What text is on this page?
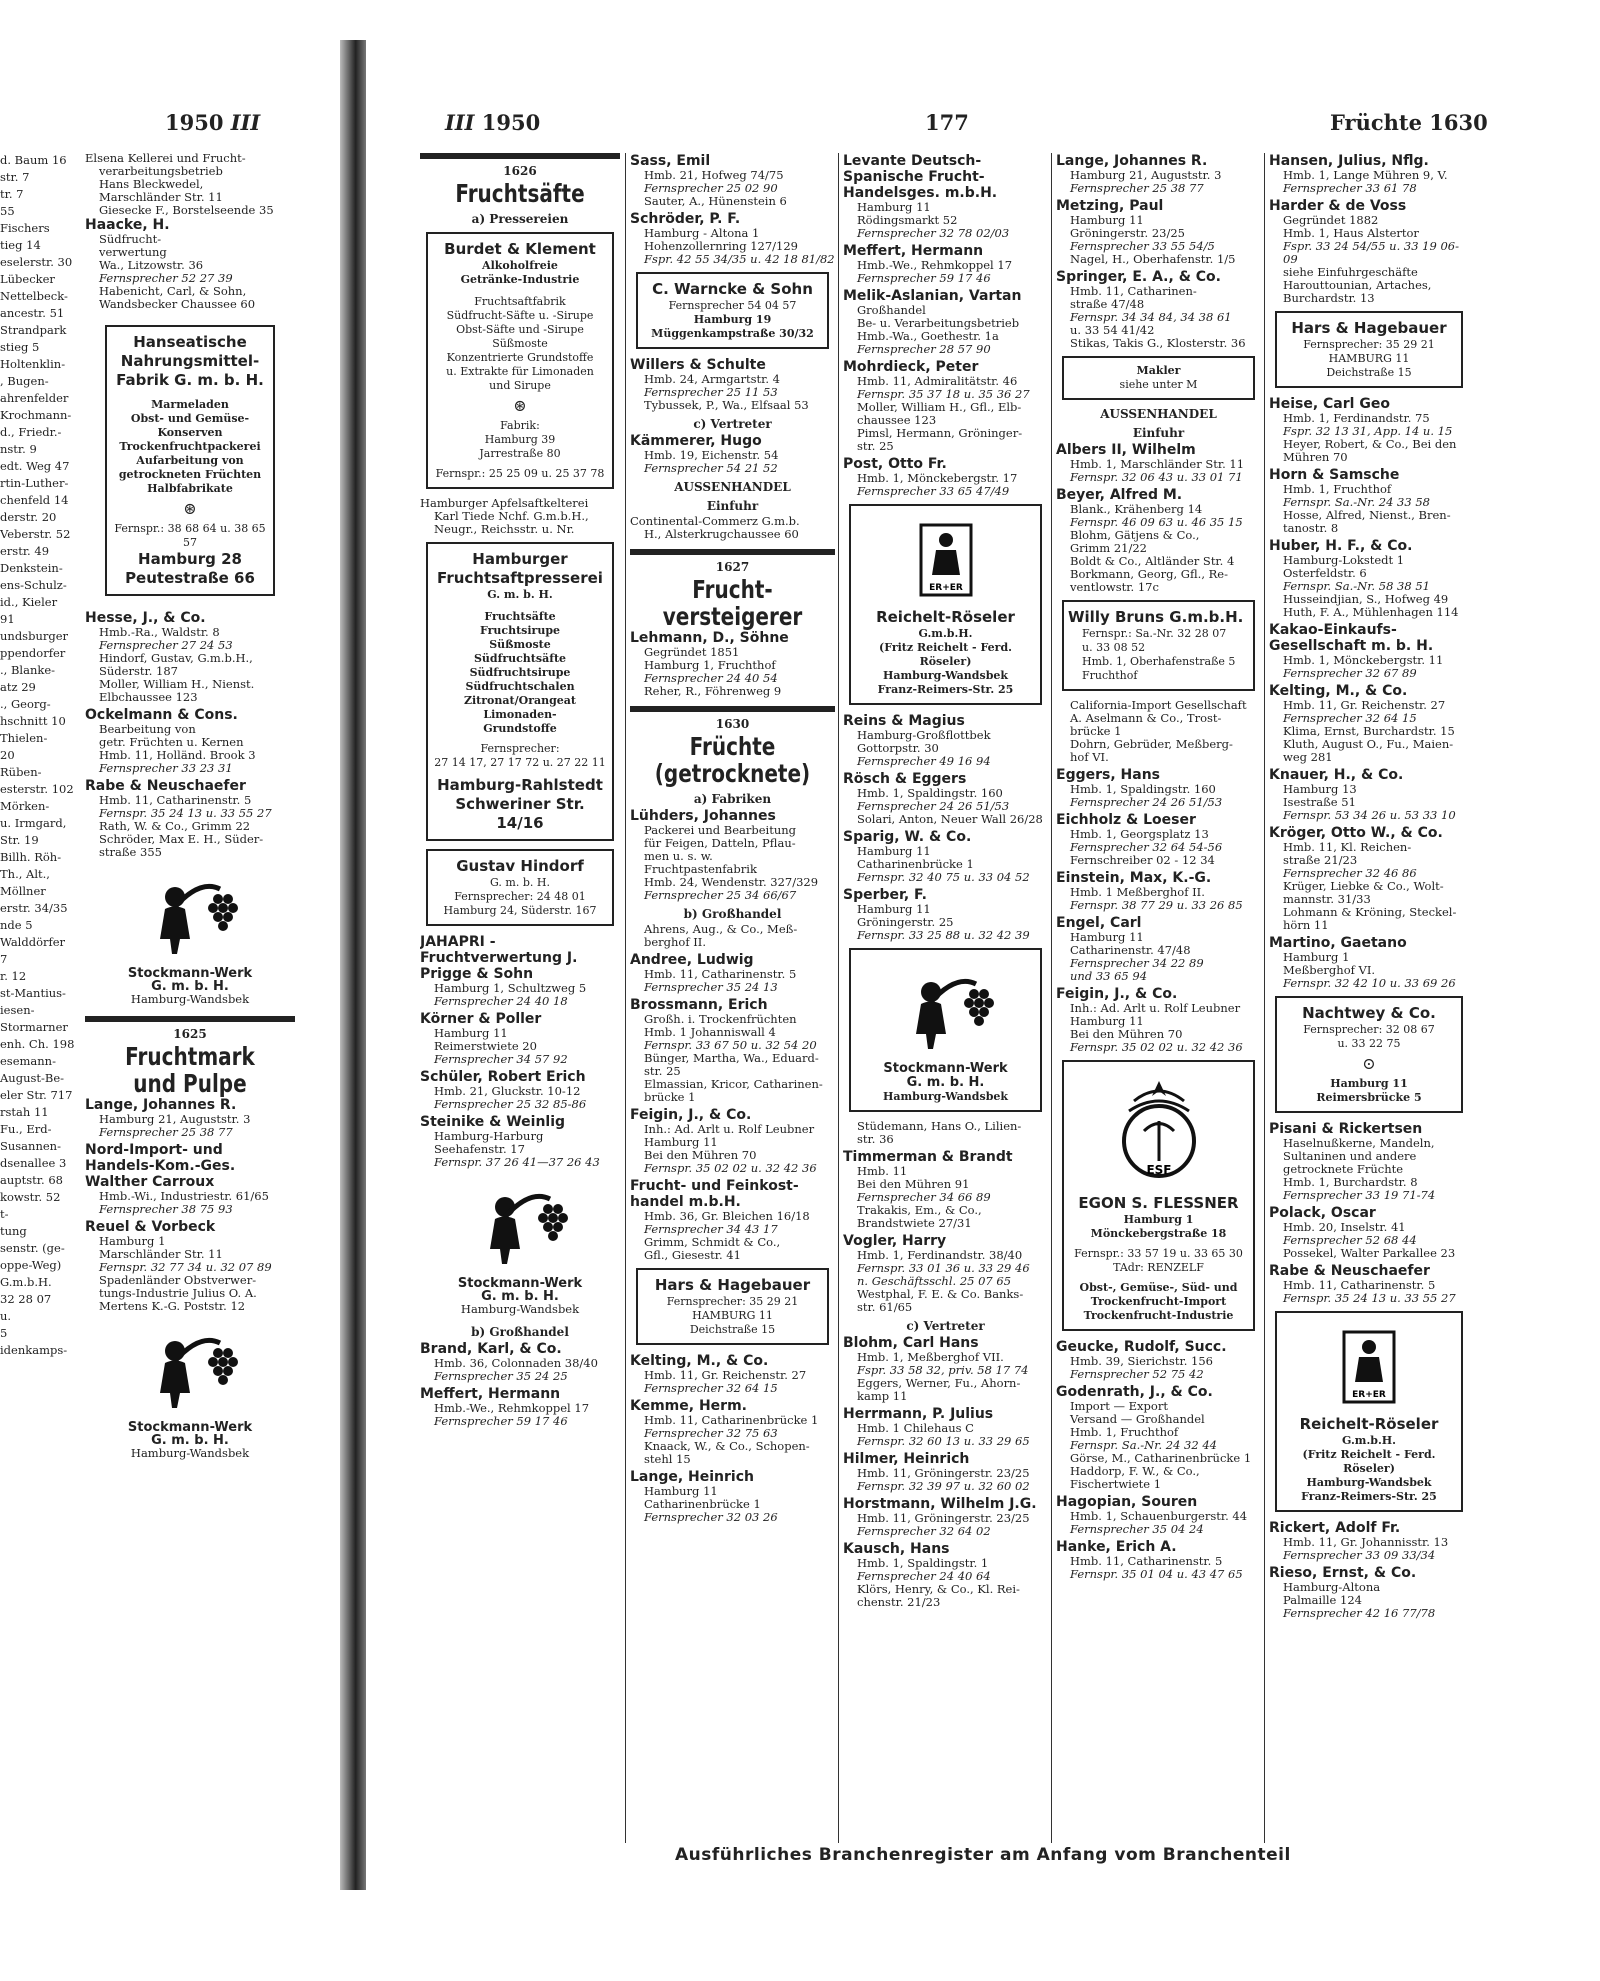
1950 III
d. Baum 16
str. 7
tr. 7
55
Fischers
tieg 14
eselerstr. 30
Lübecker
Nettelbeck-
ancestr. 51
Strandpark
stieg 5
Holtenklin-
, Bugen-
ahrenfelder
Krochmann-
d., Friedr.-
nstr. 9
edt. Weg 47
rtin-Luther-
chenfeld 14
derstr. 20
Veberstr. 52
erstr. 49
Denkstein-
ens-Schulz-
id., Kieler
91
undsburger
ppendorfer
., Blanke-
atz 29
., Georg-
hschnitt 10
Thielen-
20
Rüben-
esterstr. 102
Mörken-
u. Irmgard,
Str. 19
Billh. Röh-
Th., Alt.,
Möllner
erstr. 34/35
nde 5
Walddörfer
7
r. 12
st-Mantius-
iesen-
Stormarner
enh. Ch. 198
esemann-
August-Be-
eler Str. 717
rstah 11
Fu., Erd-
Susannen-
dsenallee 3
auptstr. 68
kowstr. 52
t-
tung
senstr. (ge-
oppe-Weg)
G.m.b.H.
32 28 07
u.
5
idenkamps-
Elsena Kellerei und Frucht-
verarbeitungsbetrieb
Hans Bleckwedel,
Marschländer Str. 11
Giesecke F., Borstelseende 35
Haacke, H.
Südfrucht-
verwertung
Wa., Litzowstr. 36
Fernsprecher 52 27 39
Habenicht, Carl, & Sohn,
Wandsbecker Chaussee 60
Hanseatische
Nahrungsmittel-
Fabrik G. m. b. H.
Marmeladen
Obst- und Gemüse-
Konserven
Trockenfruchtpackerei
Aufarbeitung von
getrockneten Früchten
Halbfabrikate
⊛
Fernspr.: 38 68 64 u. 38 65 57
Hamburg 28
Peutestraße 66
Hesse, J., & Co.
Hmb.-Ra., Waldstr. 8
Fernsprecher 27 24 53
Hindorf, Gustav, G.m.b.H.,
Süderstr. 187
Moller, William H., Nienst.
Elbchaussee 123
Ockelmann & Cons.
Bearbeitung von
getr. Früchten u. Kernen
Hmb. 11, Holländ. Brook 3
Fernsprecher 33 23 31
Rabe & Neuschaefer
Hmb. 11, Catharinenstr. 5
Fernspr. 35 24 13 u. 33 55 27
Rath, W. & Co., Grimm 22
Schröder, Max E. H., Süder-
straße 355
Stockmann-Werk
G. m. b. H.
Hamburg-Wandsbek
1625
Fruchtmark
und Pulpe
Lange, Johannes R.
Hamburg 21, Auguststr. 3
Fernsprecher 25 38 77
Nord-Import- und Handels-Kom.-Ges. Walther Carroux
Hmb.-Wi., Industriestr. 61/65
Fernsprecher 38 75 93
Reuel & Vorbeck
Hamburg 1
Marschländer Str. 11
Fernspr. 32 77 34 u. 32 07 89
Spadenländer Obstverwer-
tungs-Industrie Julius O. A.
Mertens K.-G. Poststr. 12
Stockmann-Werk
G. m. b. H.
Hamburg-Wandsbek
III 1950	177	Früchte 1630
1626
Fruchtsäfte
a) Pressereien
Burdet & Klement
Alkoholfreie
Getränke-Industrie
Fruchtsaftfabrik
Südfrucht-Säfte u. -Sirupe
Obst-Säfte und -Sirupe
Süßmoste
Konzentrierte Grundstoffe
u. Extrakte für Limonaden
und Sirupe
⊛
Fabrik:
Hamburg 39
Jarrestraße 80
Fernspr.: 25 25 09 u. 25 37 78
Hamburger Apfelsaftkelterei
Karl Tiede Nchf. G.m.b.H.,
Neugr., Reichsstr. u. Nr.
Hamburger
Fruchtsaftpresserei
G. m. b. H.
Fruchtsäfte
Fruchtsirupe
Süßmoste
Südfruchtsäfte
Südfruchtsirupe
Südfruchtschalen
Zitronat/Orangeat
Limonaden-
Grundstoffe
Fernsprecher:
27 14 17, 27 17 72 u. 27 22 11
Hamburg-Rahlstedt
Schweriner Str. 14/16
Gustav Hindorf
G. m. b. H.
Fernsprecher: 24 48 01
Hamburg 24, Süderstr. 167
JAHAPRI - Fruchtverwertung J. Prigge & Sohn
Hamburg 1, Schultzweg 5
Fernsprecher 24 40 18
Körner & Poller
Hamburg 11
Reimerstwiete 20
Fernsprecher 34 57 92
Schüler, Robert Erich
Hmb. 21, Gluckstr. 10-12
Fernsprecher 25 32 85-86
Steinike & Weinlig
Hamburg-Harburg
Seehafenstr. 17
Fernspr. 37 26 41—37 26 43
Stockmann-Werk
G. m. b. H.
Hamburg-Wandsbek
b) Großhandel
Brand, Karl, & Co.
Hmb. 36, Colonnaden 38/40
Fernsprecher 35 24 25
Meffert, Hermann
Hmb.-We., Rehmkoppel 17
Fernsprecher 59 17 46
Sass, Emil
Hmb. 21, Hofweg 74/75
Fernsprecher 25 02 90
Sauter, A., Hünenstein 6
Schröder, P. F.
Hamburg - Altona 1
Hohenzollernring 127/129
Fspr. 42 55 34/35 u. 42 18 81/82
C. Warncke & Sohn
Fernsprecher 54 04 57
Hamburg 19
Müggenkampstraße 30/32
Willers & Schulte
Hmb. 24, Armgartstr. 4
Fernsprecher 25 11 53
Tybussek, P., Wa., Elfsaal 53
c) Vertreter
Kämmerer, Hugo
Hmb. 19, Eichenstr. 54
Fernsprecher 54 21 52
AUSSENHANDEL
Einfuhr
Continental-Commerz G.m.b.
H., Alsterkrugchaussee 60
1627
Frucht-
versteigerer
Lehmann, D., Söhne
Gegründet 1851
Hamburg 1, Fruchthof
Fernsprecher 24 40 54
Reher, R., Föhrenweg 9
1630
Früchte
(getrocknete)
a) Fabriken
Lühders, Johannes
Packerei und Bearbeitung
für Feigen, Datteln, Pflau-
men u. s. w.
Fruchtpastenfabrik
Hmb. 24, Wendenstr. 327/329
Fernsprecher 25 34 66/67
b) Großhandel
Ahrens, Aug., & Co., Meß-
berghof II.
Andree, Ludwig
Hmb. 11, Catharinenstr. 5
Fernsprecher 35 24 13
Brossmann, Erich
Großh. i. Trockenfrüchten
Hmb. 1 Johanniswall 4
Fernspr. 33 67 50 u. 32 54 20
Bünger, Martha, Wa., Eduard-
str. 25
Elmassian, Kricor, Catharinen-
brücke 1
Feigin, J., & Co.
Inh.: Ad. Arlt u. Rolf Leubner
Hamburg 11
Bei den Mühren 70
Fernspr. 35 02 02 u. 32 42 36
Frucht- und Feinkost-handel m.b.H.
Hmb. 36, Gr. Bleichen 16/18
Fernsprecher 34 43 17
Grimm, Schmidt & Co.,
Gfl., Giesestr. 41
Hars & Hagebauer
Fernsprecher: 35 29 21
HAMBURG 11
Deichstraße 15
Kelting, M., & Co.
Hmb. 11, Gr. Reichenstr. 27
Fernsprecher 32 64 15
Kemme, Herm.
Hmb. 11, Catharinenbrücke 1
Fernsprecher 32 75 63
Knaack, W., & Co., Schopen-
stehl 15
Lange, Heinrich
Hamburg 11
Catharinenbrücke 1
Fernsprecher 32 03 26
Levante Deutsch-Spanische Frucht-Handelsges. m.b.H.
Hamburg 11
Rödingsmarkt 52
Fernsprecher 32 78 02/03
Meffert, Hermann
Hmb.-We., Rehmkoppel 17
Fernsprecher 59 17 46
Melik-Aslanian, Vartan
Großhandel
Be- u. Verarbeitungsbetrieb
Hmb.-Wa., Goethestr. 1a
Fernsprecher 28 57 90
Mohrdieck, Peter
Hmb. 11, Admiralitätstr. 46
Fernspr. 35 37 18 u. 35 36 27
Moller, William H., Gfl., Elb-
chaussee 123
Pimsl, Hermann, Gröninger-
str. 25
Post, Otto Fr.
Hmb. 1, Mönckebergstr. 17
Fernsprecher 33 65 47/49
ER+ER
Reichelt-Röseler
G.m.b.H.
(Fritz Reichelt - Ferd. Röseler)
Hamburg-Wandsbek
Franz-Reimers-Str. 25
Reins & Magius
Hamburg-Großflottbek
Gottorpstr. 30
Fernsprecher 49 16 94
Rösch & Eggers
Hmb. 1, Spaldingstr. 160
Fernsprecher 24 26 51/53
Solari, Anton, Neuer Wall 26/28
Sparig, W. & Co.
Hamburg 11
Catharinenbrücke 1
Fernspr. 32 40 75 u. 33 04 52
Sperber, F.
Hamburg 11
Gröningerstr. 25
Fernspr. 33 25 88 u. 32 42 39
Stockmann-Werk
G. m. b. H.
Hamburg-Wandsbek
Stüdemann, Hans O., Lilien-
str. 36
Timmerman & Brandt
Hmb. 11
Bei den Mühren 91
Fernsprecher 34 66 89
Trakakis, Em., & Co.,
Brandstwiete 27/31
Vogler, Harry
Hmb. 1, Ferdinandstr. 38/40
Fernspr. 33 01 36 u. 33 29 46
n. Geschäftsschl. 25 07 65
Westphal, F. E. & Co. Banks-
str. 61/65
c) Vertreter
Blohm, Carl Hans
Hmb. 1, Meßberghof VII.
Fspr. 33 58 32, priv. 58 17 74
Eggers, Werner, Fu., Ahorn-
kamp 11
Herrmann, P. Julius
Hmb. 1 Chilehaus C
Fernspr. 32 60 13 u. 33 29 65
Hilmer, Heinrich
Hmb. 11, Gröningerstr. 23/25
Fernspr. 32 39 97 u. 32 60 02
Horstmann, Wilhelm J.G.
Hmb. 11, Gröningerstr. 23/25
Fernsprecher 32 64 02
Kausch, Hans
Hmb. 1, Spaldingstr. 1
Fernsprecher 24 40 64
Klörs, Henry, & Co., Kl. Rei-
chenstr. 21/23
Lange, Johannes R.
Hamburg 21, Auguststr. 3
Fernsprecher 25 38 77
Metzing, Paul
Hamburg 11
Gröningerstr. 23/25
Fernsprecher 33 55 54/5
Nagel, H., Oberhafenstr. 1/5
Springer, E. A., & Co.
Hmb. 11, Catharinen-
straße 47/48
Fernspr. 34 34 84, 34 38 61
u. 33 54 41/42
Stikas, Takis G., Klosterstr. 36
Makler
siehe unter M
AUSSENHANDEL
Einfuhr
Albers II, Wilhelm
Hmb. 1, Marschländer Str. 11
Fernspr. 32 06 43 u. 33 01 71
Beyer, Alfred M.
Blank., Krähenberg 14
Fernspr. 46 09 63 u. 46 35 15
Blohm, Gätjens & Co.,
Grimm 21/22
Boldt & Co., Altländer Str. 4
Borkmann, Georg, Gfl., Re-
ventlowstr. 17c
Willy Bruns G.m.b.H.
Fernspr.: Sa.-Nr. 32 28 07
u. 33 08 52
Hmb. 1, Oberhafenstraße 5
Fruchthof
California-Import Gesellschaft
A. Aselmann & Co., Trost-
brücke 1
Dohrn, Gebrüder, Meßberg-
hof VI.
Eggers, Hans
Hmb. 1, Spaldingstr. 160
Fernsprecher 24 26 51/53
Eichholz & Loeser
Hmb. 1, Georgsplatz 13
Fernsprecher 32 64 54-56
Fernschreiber 02 - 12 34
Einstein, Max, K.-G.
Hmb. 1 Meßberghof II.
Fernspr. 38 77 29 u. 33 26 85
Engel, Carl
Hamburg 11
Catharinenstr. 47/48
Fernsprecher 34 22 89
und 33 65 94
Feigin, J., & Co.
Inh.: Ad. Arlt u. Rolf Leubner
Hamburg 11
Bei den Mühren 70
Fernspr. 35 02 02 u. 32 42 36
ESF
EGON S. FLESSNER
Hamburg 1
Mönckebergstraße 18
Fernspr.: 33 57 19 u. 33 65 30
TAdr: RENZELF
Obst-, Gemüse-, Süd- und
Trockenfrucht-Import
Trockenfrucht-Industrie
Geucke, Rudolf, Succ.
Hmb. 39, Sierichstr. 156
Fernsprecher 52 75 42
Godenrath, J., & Co.
Import — Export
Versand — Großhandel
Hmb. 1, Fruchthof
Fernspr. Sa.-Nr. 24 32 44
Görse, M., Catharinenbrücke 1
Haddorp, F. W., & Co.,
Fischertwiete 1
Hagopian, Souren
Hmb. 1, Schauenburgerstr. 44
Fernsprecher 35 04 24
Hanke, Erich A.
Hmb. 11, Catharinenstr. 5
Fernspr. 35 01 04 u. 43 47 65
Hansen, Julius, Nflg.
Hmb. 1, Lange Mühren 9, V.
Fernsprecher 33 61 78
Harder & de Voss
Gegründet 1882
Hmb. 1, Haus Alstertor
Fspr. 33 24 54/55 u. 33 19 06-09
siehe Einfuhrgeschäfte
Harouttounian, Artaches,
Burchardstr. 13
Hars & Hagebauer
Fernsprecher: 35 29 21
HAMBURG 11
Deichstraße 15
Heise, Carl Geo
Hmb. 1, Ferdinandstr. 75
Fspr. 32 13 31, App. 14 u. 15
Heyer, Robert, & Co., Bei den
Mühren 70
Horn & Samsche
Hmb. 1, Fruchthof
Fernspr. Sa.-Nr. 24 33 58
Hosse, Alfred, Nienst., Bren-
tanostr. 8
Huber, H. F., & Co.
Hamburg-Lokstedt 1
Osterfeldstr. 6
Fernspr. Sa.-Nr. 58 38 51
Husseindjian, S., Hofweg 49
Huth, F. A., Mühlenhagen 114
Kakao-Einkaufs-Gesellschaft m. b. H.
Hmb. 1, Mönckebergstr. 11
Fernsprecher 32 67 89
Kelting, M., & Co.
Hmb. 11, Gr. Reichenstr. 27
Fernsprecher 32 64 15
Klima, Ernst, Burchardstr. 15
Kluth, August O., Fu., Maien-
weg 281
Knauer, H., & Co.
Hamburg 13
Isestraße 51
Fernspr. 53 34 26 u. 53 33 10
Kröger, Otto W., & Co.
Hmb. 11, Kl. Reichen-
straße 21/23
Fernsprecher 32 46 86
Krüger, Liebke & Co., Wolt-
mannstr. 31/33
Lohmann & Kröning, Steckel-
hörn 11
Martino, Gaetano
Hamburg 1
Meßberghof VI.
Fernspr. 32 42 10 u. 33 69 26
Nachtwey & Co.
Fernsprecher: 32 08 67
u. 33 22 75
⊙
Hamburg 11
Reimersbrücke 5
Pisani & Rickertsen
Haselnußkerne, Mandeln,
Sultaninen und andere
getrocknete Früchte
Hmb. 1, Burchardstr. 8
Fernsprecher 33 19 71-74
Polack, Oscar
Hmb. 20, Inselstr. 41
Fernsprecher 52 68 44
Possekel, Walter Parkallee 23
Rabe & Neuschaefer
Hmb. 11, Catharinenstr. 5
Fernspr. 35 24 13 u. 33 55 27
ER+ER
Reichelt-Röseler
G.m.b.H.
(Fritz Reichelt - Ferd. Röseler)
Hamburg-Wandsbek
Franz-Reimers-Str. 25
Rickert, Adolf Fr.
Hmb. 11, Gr. Johannisstr. 13
Fernsprecher 33 09 33/34
Rieso, Ernst, & Co.
Hamburg-Altona
Palmaille 124
Fernsprecher 42 16 77/78
Ausführliches Branchenregister am Anfang vom Branchenteil
